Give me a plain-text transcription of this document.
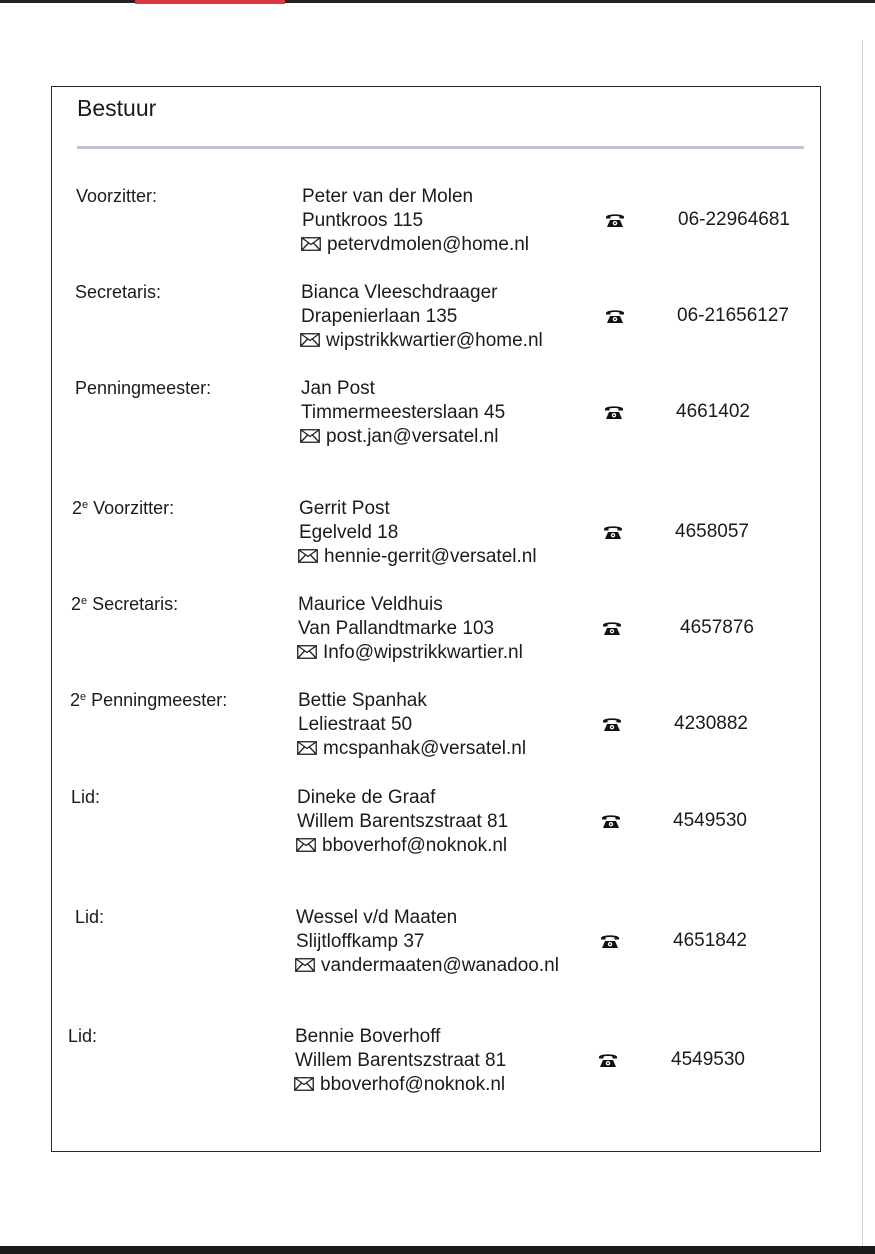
Bestuur
Voorzitter:	Peter van der Molen
Puntkroos 115
petervdmolen@home.nl
06-22964681
Secretaris:	Bianca Vleeschdraager
Drapenierlaan 135
wipstrikkwartier@home.nl
06-21656127
Penningmeester:	Jan Post
Timmermeesterslaan 45
post.jan@versatel.nl
4661402
2e Voorzitter:	Gerrit Post
Egelveld 18
hennie-gerrit@versatel.nl
4658057
2e Secretaris:	Maurice Veldhuis
Van Pallandtmarke 103
Info@wipstrikkwartier.nl
4657876
2e Penningmeester:	Bettie Spanhak
Leliestraat 50
mcspanhak@versatel.nl
4230882
Lid:	Dineke de Graaf
Willem Barentszstraat 81
bboverhof@noknok.nl
4549530
Lid:	Wessel v/d Maaten
Slijtloffkamp 37
vandermaaten@wanadoo.nl
4651842
Lid:	Bennie Boverhoff
Willem Barentszstraat 81
bboverhof@noknok.nl
4549530
